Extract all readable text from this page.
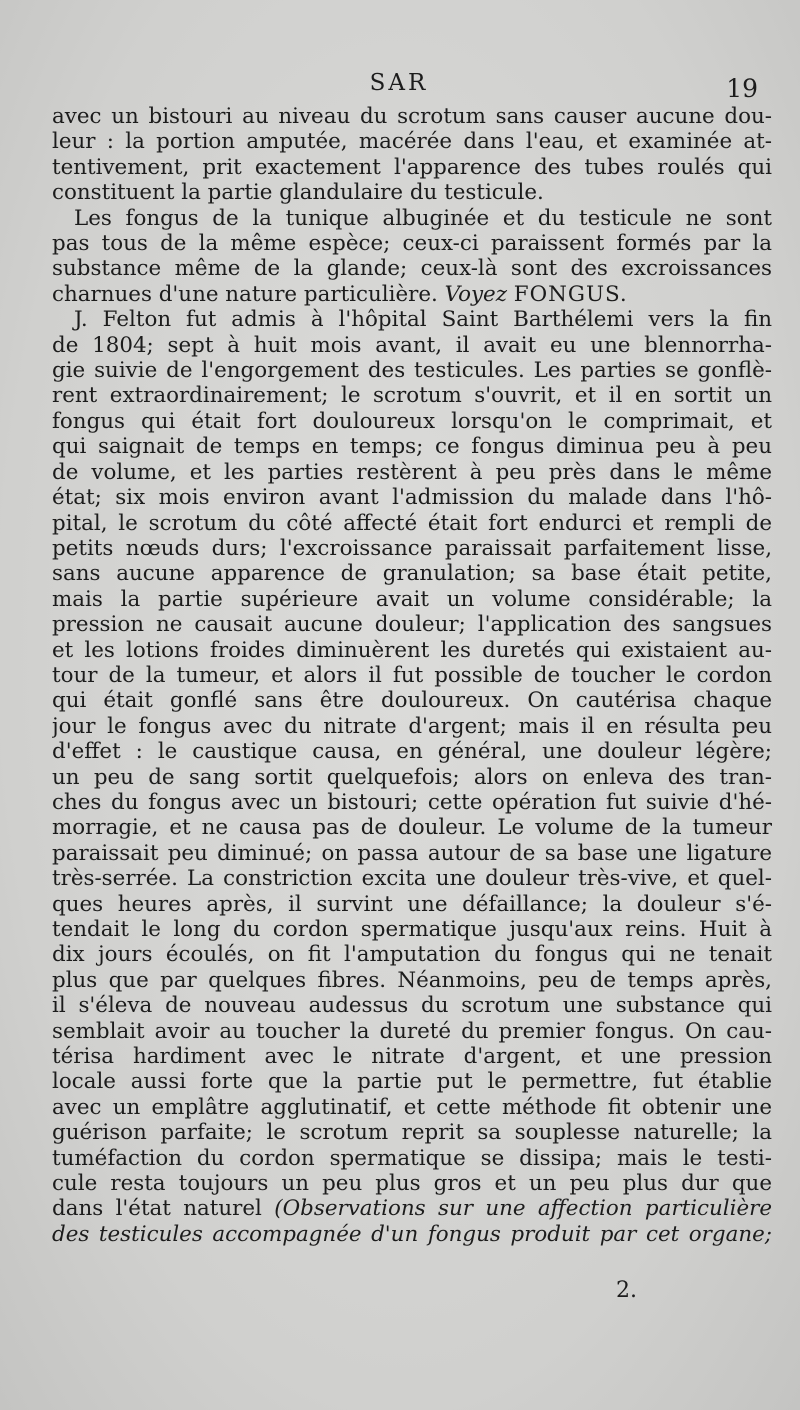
SAR	19
avec un bistouri au niveau du scrotum sans causer aucune dou-
leur : la portion amputée, macérée dans l'eau, et examinée at-
tentivement, prit exactement l'apparence des tubes roulés qui
constituent la partie glandulaire du testicule.
Les fongus de la tunique albuginée et du testicule ne sont
pas tous de la même espèce; ceux-ci paraissent formés par la
substance même de la glande; ceux-là sont des excroissances
charnues d'une nature particulière. Voyez FONGUS.
J. Felton fut admis à l'hôpital Saint Barthélemi vers la fin
de 1804; sept à huit mois avant, il avait eu une blennorrha-
gie suivie de l'engorgement des testicules. Les parties se gonflè-
rent extraordinairement; le scrotum s'ouvrit, et il en sortit un
fongus qui était fort douloureux lorsqu'on le comprimait, et
qui saignait de temps en temps; ce fongus diminua peu à peu
de volume, et les parties restèrent à peu près dans le même
état; six mois environ avant l'admission du malade dans l'hô-
pital, le scrotum du côté affecté était fort endurci et rempli de
petits nœuds durs; l'excroissance paraissait parfaitement lisse,
sans aucune apparence de granulation; sa base était petite,
mais la partie supérieure avait un volume considérable; la
pression ne causait aucune douleur; l'application des sangsues
et les lotions froides diminuèrent les duretés qui existaient au-
tour de la tumeur, et alors il fut possible de toucher le cordon
qui était gonflé sans être douloureux. On cautérisa chaque
jour le fongus avec du nitrate d'argent; mais il en résulta peu
d'effet : le caustique causa, en général, une douleur légère;
un peu de sang sortit quelquefois; alors on enleva des tran-
ches du fongus avec un bistouri; cette opération fut suivie d'hé-
morragie, et ne causa pas de douleur. Le volume de la tumeur
paraissait peu diminué; on passa autour de sa base une ligature
très-serrée. La constriction excita une douleur très-vive, et quel-
ques heures après, il survint une défaillance; la douleur s'é-
tendait le long du cordon spermatique jusqu'aux reins. Huit à
dix jours écoulés, on fit l'amputation du fongus qui ne tenait
plus que par quelques fibres. Néanmoins, peu de temps après,
il s'éleva de nouveau audessus du scrotum une substance qui
semblait avoir au toucher la dureté du premier fongus. On cau-
térisa hardiment avec le nitrate d'argent, et une pression
locale aussi forte que la partie put le permettre, fut établie
avec un emplâtre agglutinatif, et cette méthode fit obtenir une
guérison parfaite; le scrotum reprit sa souplesse naturelle; la
tuméfaction du cordon spermatique se dissipa; mais le testi-
cule resta toujours un peu plus gros et un peu plus dur que
dans l'état naturel (Observations sur une affection particulière
des testicules accompagnée d'un fongus produit par cet organe;
2.
